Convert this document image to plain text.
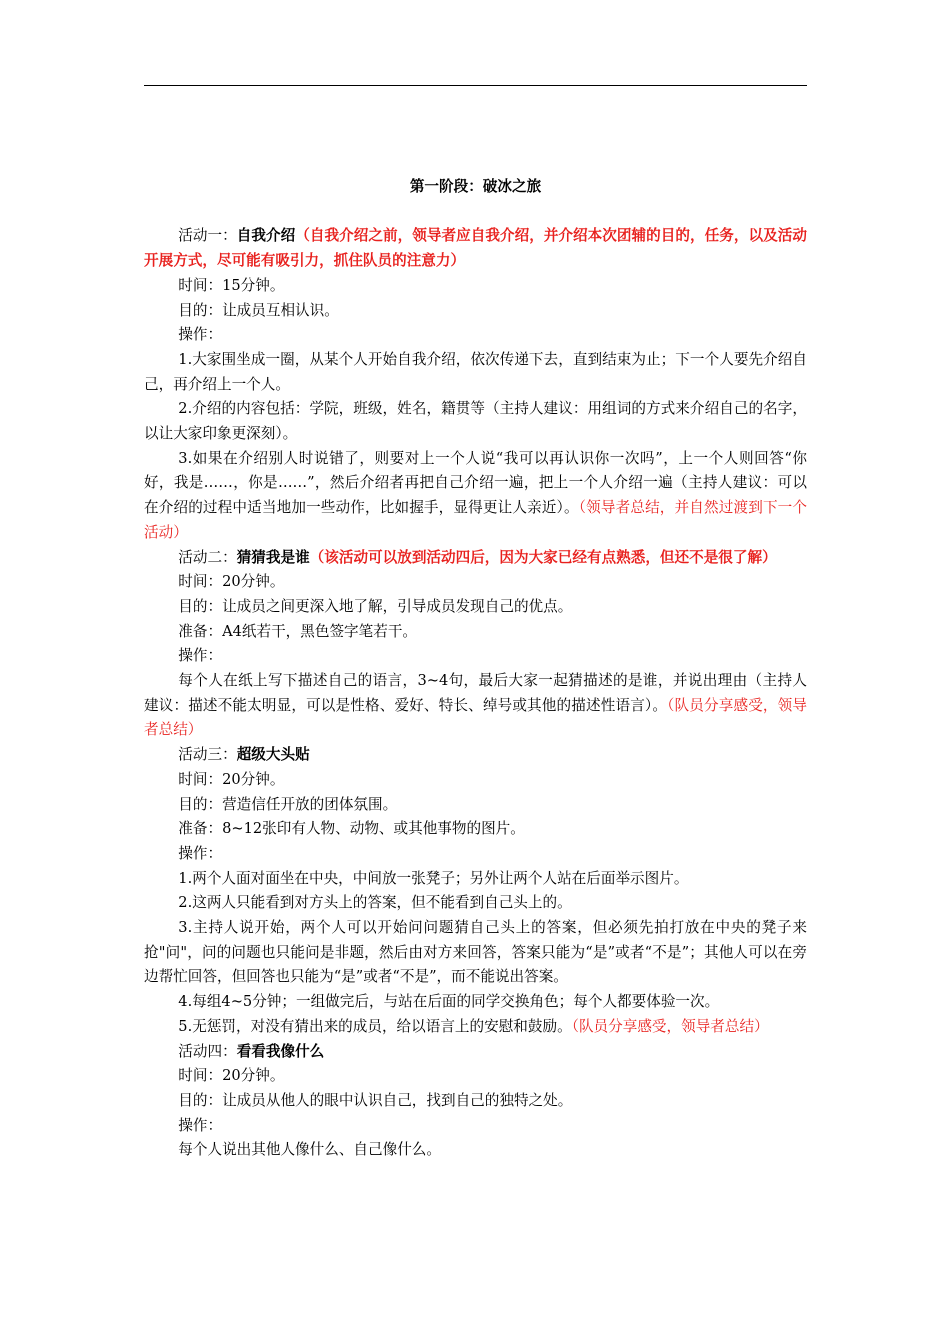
第一阶段：破冰之旅

活动一：自我介绍（自我介绍之前，领导者应自我介绍，并介绍本次团辅的目的，任务，以及活动开展方式，尽可能有吸引力，抓住队员的注意力）

时间：15分钟。

目的：让成员互相认识。

操作：

1.大家围坐成一圈，从某个人开始自我介绍，依次传递下去，直到结束为止；下一个人要先介绍自己，再介绍上一个人。

2.介绍的内容包括：学院，班级，姓名，籍贯等（主持人建议：用组词的方式来介绍自己的名字，以让大家印象更深刻）。

3.如果在介绍别人时说错了，则要对上一个人说“我可以再认识你一次吗”，上一个人则回答“你好，我是……，你是……”，然后介绍者再把自己介绍一遍，把上一个人介绍一遍（主持人建议：可以在介绍的过程中适当地加一些动作，比如握手，显得更让人亲近）。（领导者总结，并自然过渡到下一个活动）

活动二：猜猜我是谁（该活动可以放到活动四后，因为大家已经有点熟悉，但还不是很了解）

时间：20分钟。

目的：让成员之间更深入地了解，引导成员发现自己的优点。

准备：A4纸若干，黑色签字笔若干。

操作：

每个人在纸上写下描述自己的语言，3~4句，最后大家一起猜描述的是谁，并说出理由（主持人建议：描述不能太明显，可以是性格、爱好、特长、绰号或其他的描述性语言）。（队员分享感受，领导者总结）

活动三：超级大头贴

时间：20分钟。

目的：营造信任开放的团体氛围。

准备：8~12张印有人物、动物、或其他事物的图片。

操作：

1.两个人面对面坐在中央，中间放一张凳子；另外让两个人站在后面举示图片。

2.这两人只能看到对方头上的答案，但不能看到自己头上的。

3.主持人说开始，两个人可以开始问问题猜自己头上的答案，但必须先拍打放在中央的凳子来抢"问"，问的问题也只能问是非题，然后由对方来回答，答案只能为“是”或者“不是”；其他人可以在旁边帮忙回答，但回答也只能为“是”或者“不是”，而不能说出答案。

4.每组4~5分钟；一组做完后，与站在后面的同学交换角色；每个人都要体验一次。

5.无惩罚，对没有猜出来的成员，给以语言上的安慰和鼓励。（队员分享感受，领导者总结）

活动四：看看我像什么

时间：20分钟。

目的：让成员从他人的眼中认识自己，找到自己的独特之处。

操作：

每个人说出其他人像什么、自己像什么。
